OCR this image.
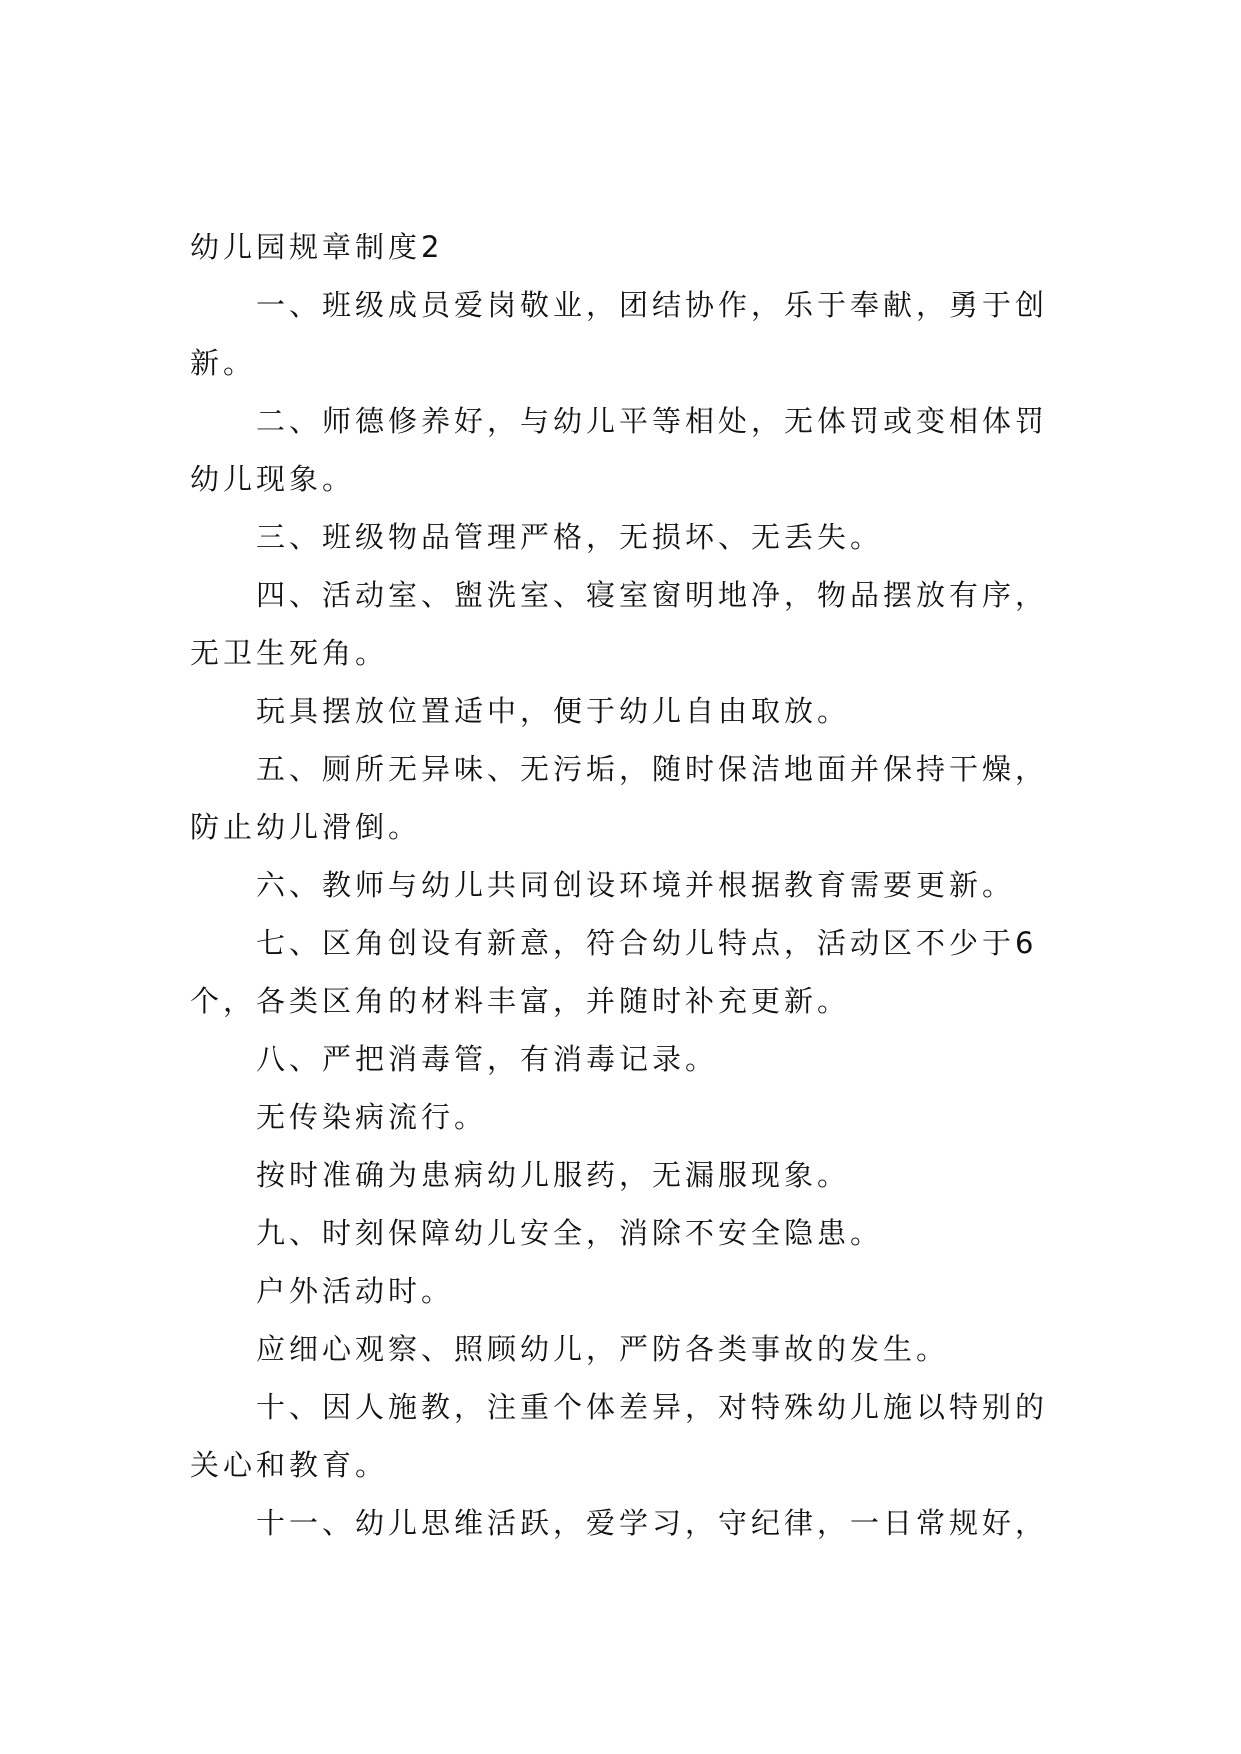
幼儿园规章制度2

一、班级成员爱岗敬业，团结协作，乐于奉献，勇于创新。

二、师德修养好，与幼儿平等相处，无体罚或变相体罚幼儿现象。

三、班级物品管理严格，无损坏、无丢失。

四、活动室、盥洗室、寝室窗明地净，物品摆放有序，无卫生死角。

玩具摆放位置适中，便于幼儿自由取放。

五、厕所无异味、无污垢，随时保洁地面并保持干燥，防止幼儿滑倒。

六、教师与幼儿共同创设环境并根据教育需要更新。

七、区角创设有新意，符合幼儿特点，活动区不少于6个，各类区角的材料丰富，并随时补充更新。

八、严把消毒管，有消毒记录。

无传染病流行。

按时准确为患病幼儿服药，无漏服现象。

九、时刻保障幼儿安全，消除不安全隐患。

户外活动时。

应细心观察、照顾幼儿，严防各类事故的发生。

十、因人施教，注重个体差异，对特殊幼儿施以特别的关心和教育。

十一、幼儿思维活跃，爱学习，守纪律，一日常规好，
